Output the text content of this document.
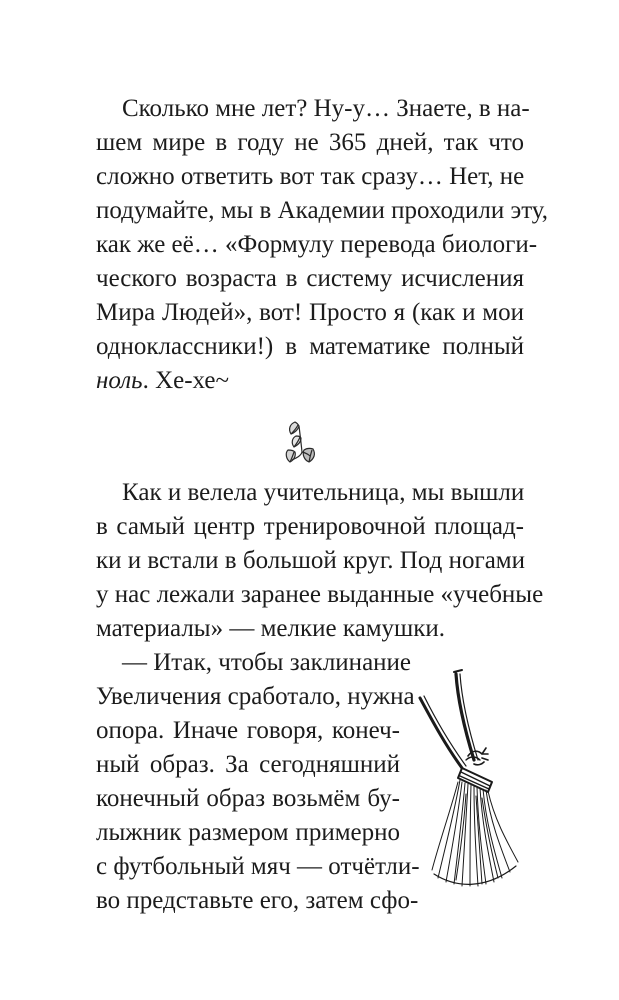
Сколько мне лет? Ну-у… Знаете, в на-
шем мире в году не 365 дней, так что
сложно ответить вот так сразу… Нет, не
подумайте, мы в Академии проходили эту,
как же её… «Формулу перевода биологи-
ческого возраста в систему исчисления
Мира Людей», вот! Просто я (как и мои
одноклассники!) в математике полный
ноль. Хе-хе~
Как и велела учительница, мы вышли
в самый центр тренировочной площад-
ки и встали в большой круг. Под ногами
у нас лежали заранее выданные «учебные
материалы» — мелкие камушки.
— Итак, чтобы заклинание
Увеличения сработало, нужна
опора. Иначе говоря, конеч-
ный образ. За сегодняшний
конечный образ возьмём бу-
лыжник размером примерно
с футбольный мяч — отчётли-
во представьте его, затем сфо-
